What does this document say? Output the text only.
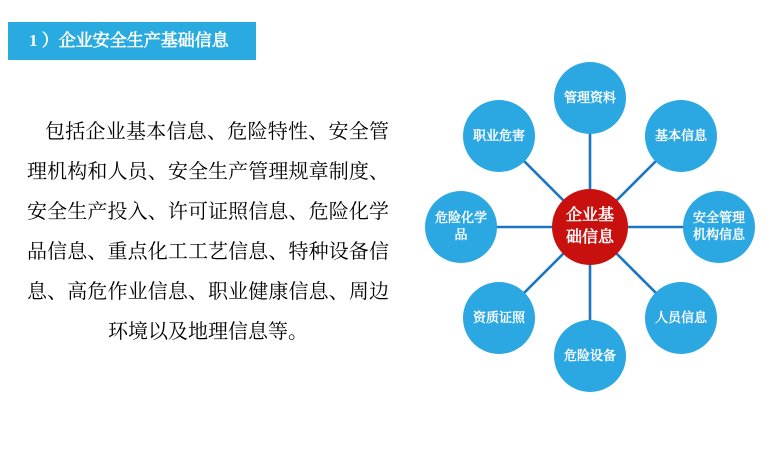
1 ）企业安全生产基础信息

包括企业基本信息、危险特性、安全管理机构和人员、安全生产管理规章制度、安全生产投入、许可证照信息、危险化学品信息、重点化工工艺信息、特种设备信息、高危作业信息、职业健康信息、周边环境以及地理信息等。

管理资料
基本信息
安全管理机构信息
人员信息
危险设备
资质证照
危险化学品
职业危害
企业基础信息
